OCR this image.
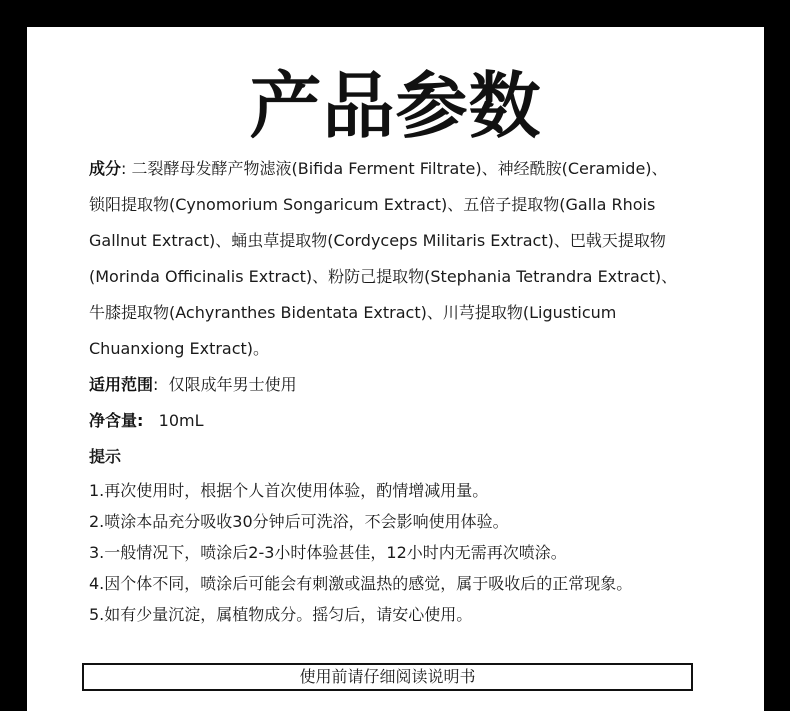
产品参数
成分: 二裂酵母发酵产物滤液(Bifida Ferment Filtrate)、神经酰胺(Ceramide)、
锁阳提取物(Cynomorium Songaricum Extract)、五倍子提取物(Galla Rhois
Gallnut Extract)、蛹虫草提取物(Cordyceps Militaris Extract)、巴戟天提取物
(Morinda Officinalis Extract)、粉防己提取物(Stephania Tetrandra Extract)、
牛膝提取物(Achyranthes Bidentata Extract)、川芎提取物(Ligusticum
Chuanxiong Extract)。
适用范围:  仅限成年男士使用
净含量:   10mL
提示
1.再次使用时，根据个人首次使用体验，酌情增减用量。
2.喷涂本品充分吸收30分钟后可洗浴，不会影响使用体验。
3.一般情况下，喷涂后2-3小时体验甚佳，12小时内无需再次喷涂。
4.因个体不同，喷涂后可能会有刺激或温热的感觉，属于吸收后的正常现象。
5.如有少量沉淀，属植物成分。摇匀后，请安心使用。
使用前请仔细阅读说明书
